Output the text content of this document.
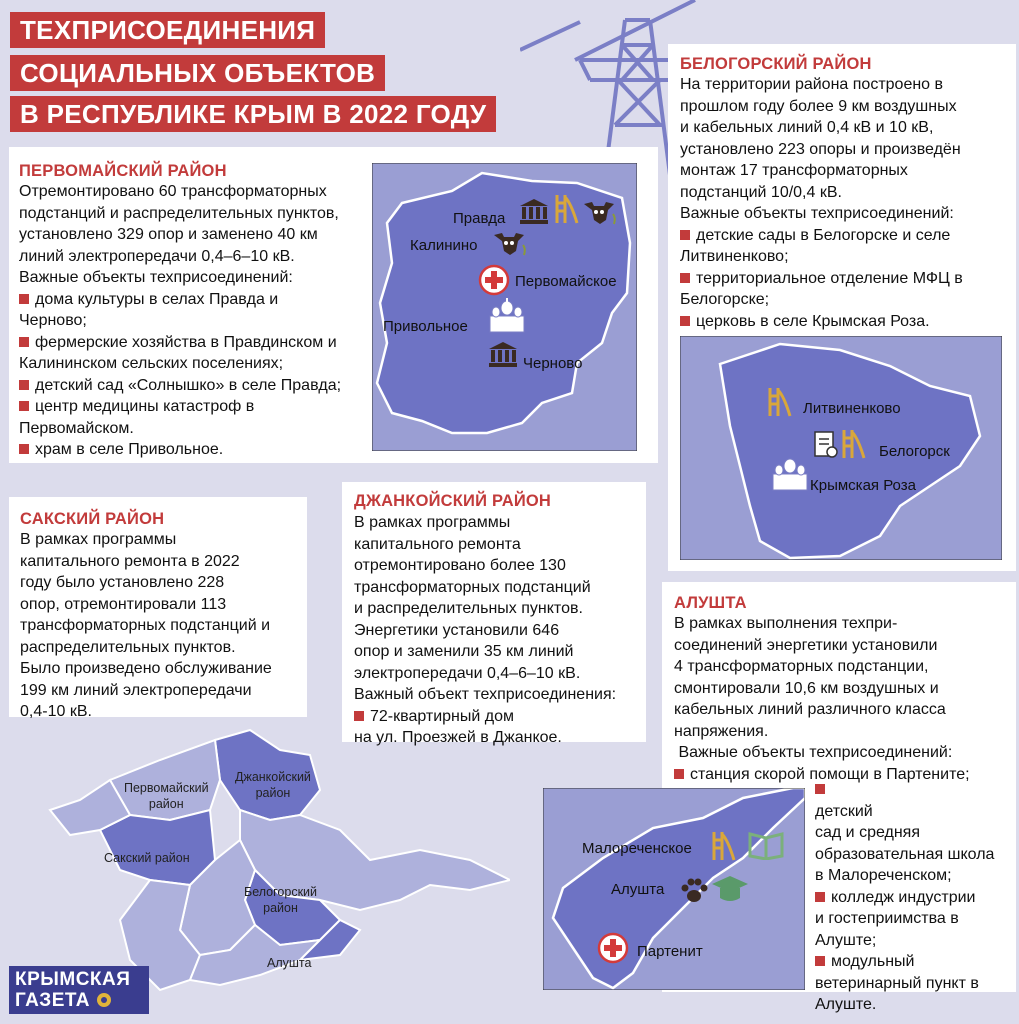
ТЕХПРИСОЕДИНЕНИЯ
СОЦИАЛЬНЫХ ОБЪЕКТОВ
В РЕСПУБЛИКЕ КРЫМ В 2022 ГОДУ
ПЕРВОМАЙСКИЙ РАЙОН
Отремонтировано 60 трансформаторных
подстанций и распределительных пунктов,
установлено 329 опор и заменено 40 км
линий электропередачи 0,4–6–10 кВ.
Важные объекты техприсоединений:
дома культуры в селах Правда и
Черново;
фермерские хозяйства в Правдинском и
Калининском сельских поселениях;
детский сад «Солнышко» в селе Правда;
центр медицины катастроф в
Первомайском.
храм в селе Привольное.
Правда
Калинино
Первомайское
Привольное
Черново
БЕЛОГОРСКИЙ РАЙОН
На территории района построено в
прошлом году более 9 км воздушных
и кабельных линий 0,4 кВ и 10 кВ,
установлено 223 опоры и произведён
монтаж 17 трансформаторных
подстанций 10/0,4 кВ.
Важные объекты техприсоединений:
детские сады в Белогорске и селе
Литвиненково;
территориальное отделение МФЦ в
Белогорске;
церковь в селе Крымская Роза.
Литвиненково
Белогорск
Крымская Роза
САКСКИЙ РАЙОН
В рамках программы
капитального ремонта в 2022
году было установлено 228
опор, отремонтировали 113
трансформаторных подстанций и
распределительных пунктов.
Было произведено обслуживание
199 км линий электропередачи
0,4-10 кВ.
ДЖАНКОЙСКИЙ РАЙОН
В рамках программы
капитального ремонта
отремонтировано более 130
трансформаторных подстанций
и распределительных пунктов.
Энергетики установили 646
опор и заменили 35 км линий
электропередачи 0,4–6–10 кВ.
Важный объект техприсоединения:
72-квартирный дом
на ул. Проезжей в Джанкое.
АЛУШТА
В рамках выполнения техпри-
соединений энергетики установили
4 трансформаторных подстанции,
смонтировали 10,6 км воздушных и
кабельных линий различного класса
напряжения.
Важные объекты техприсоединений:
станция скорой помощи в Партените;
детский
сад и средняя
образовательная школа
в Малореченском;
колледж индустрии
и гостеприимства в
Алуште;
модульный
ветеринарный пункт в
Алуште.
Малореченское
Алушта
Партенит
Первомайский
район
Джанкойский
район
Сакский район
Белогорский
район
Алушта
КРЫМСКАЯ
ГАЗЕТА
